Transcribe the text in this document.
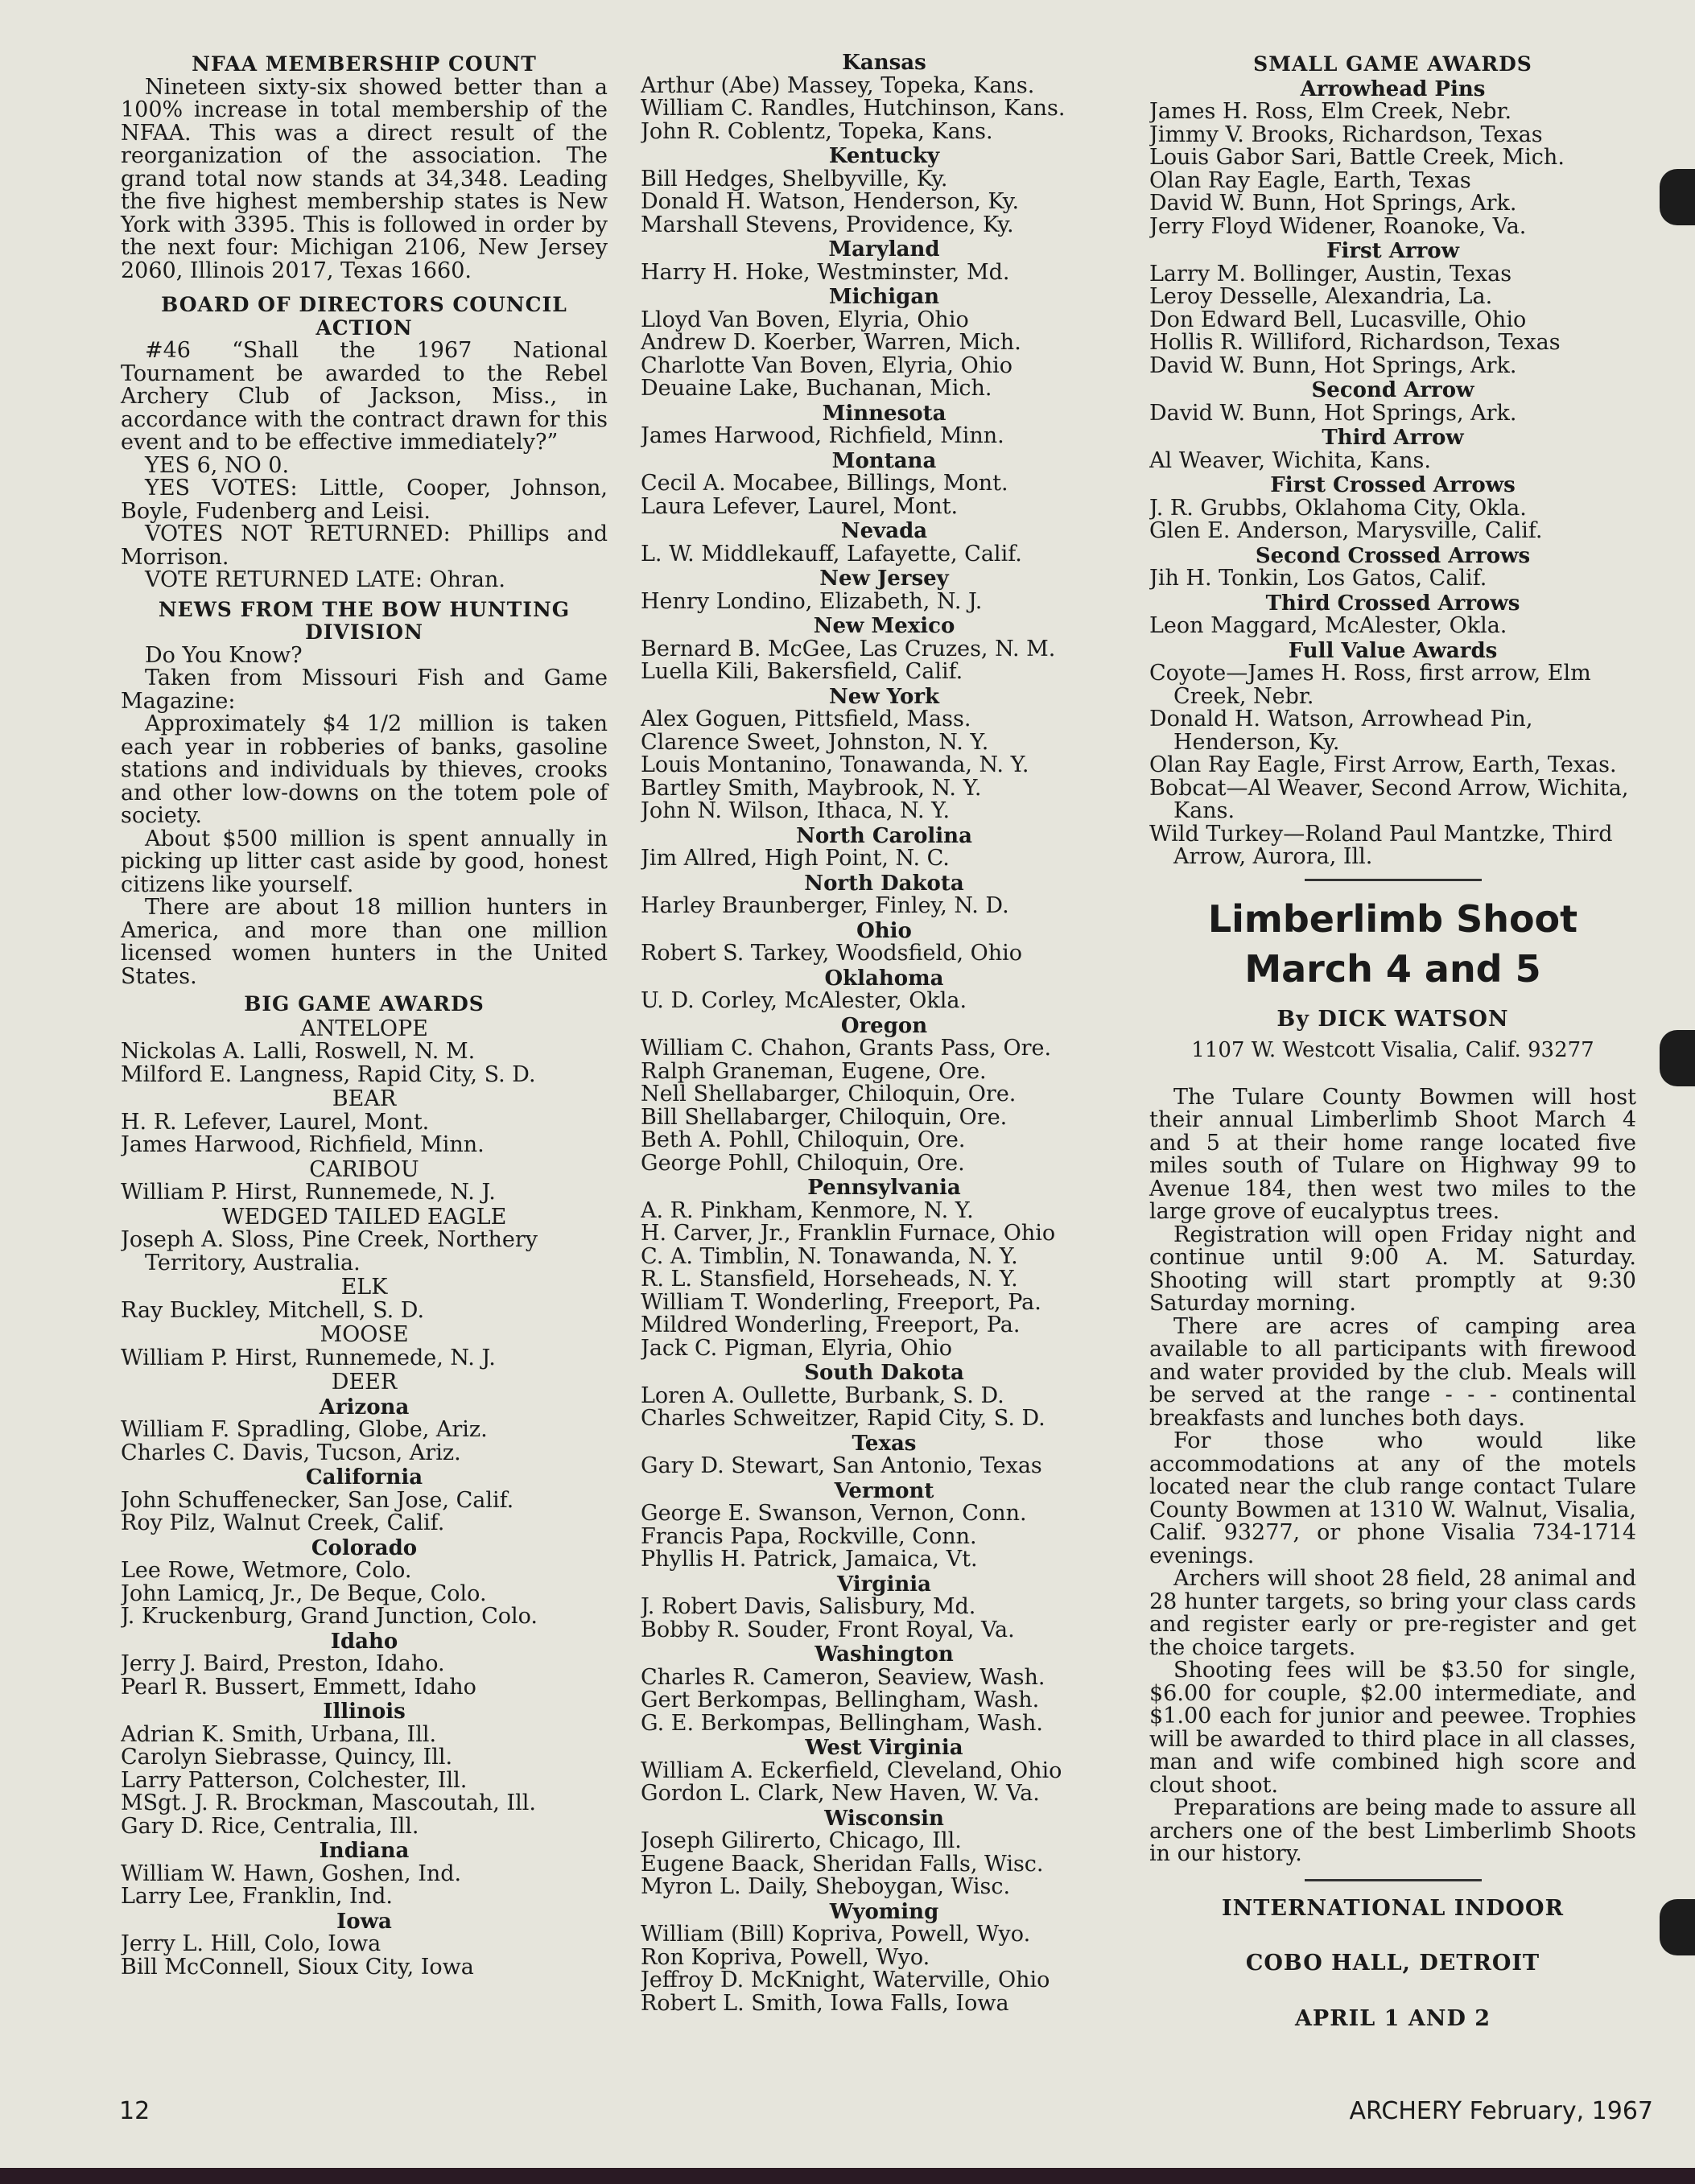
NFAA MEMBERSHIP COUNT
Nineteen sixty-six showed better than a 100% increase in total membership of the NFAA. This was a direct result of the reorganization of the association. The grand total now stands at 34,348. Leading the five highest membership states is New York with 3395. This is followed in order by the next four: Michigan 2106, New Jersey 2060, Illinois 2017, Texas 1660.
BOARD OF DIRECTORS COUNCIL ACTION
#46 “Shall the 1967 National Tournament be awarded to the Rebel Archery Club of Jackson, Miss., in accordance with the contract drawn for this event and to be effective immediately?”
YES 6, NO 0.
YES VOTES: Little, Cooper, Johnson, Boyle, Fudenberg and Leisi.
VOTES NOT RETURNED: Phillips and Morrison.
VOTE RETURNED LATE: Ohran.
NEWS FROM THE BOW HUNTING DIVISION
Do You Know?
Taken from Missouri Fish and Game Magazine:
Approximately $4 1/2 million is taken each year in robberies of banks, gasoline stations and individuals by thieves, crooks and other low-downs on the totem pole of society.
About $500 million is spent annually in picking up litter cast aside by good, honest citizens like yourself.
There are about 18 million hunters in America, and more than one million licensed women hunters in the United States.
BIG GAME AWARDS
ANTELOPE
Nickolas A. Lalli, Roswell, N. M.
Milford E. Langness, Rapid City, S. D.
BEAR
H. R. Lefever, Laurel, Mont.
James Harwood, Richfield, Minn.
CARIBOU
William P. Hirst, Runnemede, N. J.
WEDGED TAILED EAGLE
Joseph A. Sloss, Pine Creek, Northery Territory, Australia.
ELK
Ray Buckley, Mitchell, S. D.
MOOSE
William P. Hirst, Runnemede, N. J.
DEER
Arizona
William F. Spradling, Globe, Ariz.
Charles C. Davis, Tucson, Ariz.
California
John Schuffenecker, San Jose, Calif.
Roy Pilz, Walnut Creek, Calif.
Colorado
Lee Rowe, Wetmore, Colo.
John Lamicq, Jr., De Beque, Colo.
J. Kruckenburg, Grand Junction, Colo.
Idaho
Jerry J. Baird, Preston, Idaho.
Pearl R. Bussert, Emmett, Idaho
Illinois
Adrian K. Smith, Urbana, Ill.
Carolyn Siebrasse, Quincy, Ill.
Larry Patterson, Colchester, Ill.
MSgt. J. R. Brockman, Mascoutah, Ill.
Gary D. Rice, Centralia, Ill.
Indiana
William W. Hawn, Goshen, Ind.
Larry Lee, Franklin, Ind.
Iowa
Jerry L. Hill, Colo, Iowa
Bill McConnell, Sioux City, Iowa
Kansas
Arthur (Abe) Massey, Topeka, Kans.
William C. Randles, Hutchinson, Kans.
John R. Coblentz, Topeka, Kans.
Kentucky
Bill Hedges, Shelbyville, Ky.
Donald H. Watson, Henderson, Ky.
Marshall Stevens, Providence, Ky.
Maryland
Harry H. Hoke, Westminster, Md.
Michigan
Lloyd Van Boven, Elyria, Ohio
Andrew D. Koerber, Warren, Mich.
Charlotte Van Boven, Elyria, Ohio
Deuaine Lake, Buchanan, Mich.
Minnesota
James Harwood, Richfield, Minn.
Montana
Cecil A. Mocabee, Billings, Mont.
Laura Lefever, Laurel, Mont.
Nevada
L. W. Middlekauff, Lafayette, Calif.
New Jersey
Henry Londino, Elizabeth, N. J.
New Mexico
Bernard B. McGee, Las Cruzes, N. M.
Luella Kili, Bakersfield, Calif.
New York
Alex Goguen, Pittsfield, Mass.
Clarence Sweet, Johnston, N. Y.
Louis Montanino, Tonawanda, N. Y.
Bartley Smith, Maybrook, N. Y.
John N. Wilson, Ithaca, N. Y.
North Carolina
Jim Allred, High Point, N. C.
North Dakota
Harley Braunberger, Finley, N. D.
Ohio
Robert S. Tarkey, Woodsfield, Ohio
Oklahoma
U. D. Corley, McAlester, Okla.
Oregon
William C. Chahon, Grants Pass, Ore.
Ralph Graneman, Eugene, Ore.
Nell Shellabarger, Chiloquin, Ore.
Bill Shellabarger, Chiloquin, Ore.
Beth A. Pohll, Chiloquin, Ore.
George Pohll, Chiloquin, Ore.
Pennsylvania
A. R. Pinkham, Kenmore, N. Y.
H. Carver, Jr., Franklin Furnace, Ohio
C. A. Timblin, N. Tonawanda, N. Y.
R. L. Stansfield, Horseheads, N. Y.
William T. Wonderling, Freeport, Pa.
Mildred Wonderling, Freeport, Pa.
Jack C. Pigman, Elyria, Ohio
South Dakota
Loren A. Oullette, Burbank, S. D.
Charles Schweitzer, Rapid City, S. D.
Texas
Gary D. Stewart, San Antonio, Texas
Vermont
George E. Swanson, Vernon, Conn.
Francis Papa, Rockville, Conn.
Phyllis H. Patrick, Jamaica, Vt.
Virginia
J. Robert Davis, Salisbury, Md.
Bobby R. Souder, Front Royal, Va.
Washington
Charles R. Cameron, Seaview, Wash.
Gert Berkompas, Bellingham, Wash.
G. E. Berkompas, Bellingham, Wash.
West Virginia
William A. Eckerfield, Cleveland, Ohio
Gordon L. Clark, New Haven, W. Va.
Wisconsin
Joseph Gilirerto, Chicago, Ill.
Eugene Baack, Sheridan Falls, Wisc.
Myron L. Daily, Sheboygan, Wisc.
Wyoming
William (Bill) Kopriva, Powell, Wyo.
Ron Kopriva, Powell, Wyo.
Jeffroy D. McKnight, Waterville, Ohio
Robert L. Smith, Iowa Falls, Iowa
SMALL GAME AWARDS
Arrowhead Pins
James H. Ross, Elm Creek, Nebr.
Jimmy V. Brooks, Richardson, Texas
Louis Gabor Sari, Battle Creek, Mich.
Olan Ray Eagle, Earth, Texas
David W. Bunn, Hot Springs, Ark.
Jerry Floyd Widener, Roanoke, Va.
First Arrow
Larry M. Bollinger, Austin, Texas
Leroy Desselle, Alexandria, La.
Don Edward Bell, Lucasville, Ohio
Hollis R. Williford, Richardson, Texas
David W. Bunn, Hot Springs, Ark.
Second Arrow
David W. Bunn, Hot Springs, Ark.
Third Arrow
Al Weaver, Wichita, Kans.
First Crossed Arrows
J. R. Grubbs, Oklahoma City, Okla.
Glen E. Anderson, Marysville, Calif.
Second Crossed Arrows
Jih H. Tonkin, Los Gatos, Calif.
Third Crossed Arrows
Leon Maggard, McAlester, Okla.
Full Value Awards
Coyote—James H. Ross, first arrow, Elm Creek, Nebr.
Donald H. Watson, Arrowhead Pin, Henderson, Ky.
Olan Ray Eagle, First Arrow, Earth, Texas.
Bobcat—Al Weaver, Second Arrow, Wichita, Kans.
Wild Turkey—Roland Paul Mantzke, Third Arrow, Aurora, Ill.
Limberlimb Shoot
March 4 and 5
By DICK WATSON
1107 W. Westcott Visalia, Calif. 93277
The Tulare County Bowmen will host their annual Limberlimb Shoot March 4 and 5 at their home range located five miles south of Tulare on Highway 99 to Avenue 184, then west two miles to the large grove of eucalyptus trees.
Registration will open Friday night and continue until 9:00 A. M. Saturday. Shooting will start promptly at 9:30 Saturday morning.
There are acres of camping area available to all participants with firewood and water provided by the club. Meals will be served at the range - - - continental breakfasts and lunches both days.
For those who would like accommodations at any of the motels located near the club range contact Tulare County Bowmen at 1310 W. Walnut, Visalia, Calif. 93277, or phone Visalia 734-1714 evenings.
Archers will shoot 28 field, 28 animal and 28 hunter targets, so bring your class cards and register early or pre-register and get the choice targets.
Shooting fees will be $3.50 for single, $6.00 for couple, $2.00 intermediate, and $1.00 each for junior and peewee. Trophies will be awarded to third place in all classes, man and wife combined high score and clout shoot.
Preparations are being made to assure all archers one of the best Limberlimb Shoots in our history.
INTERNATIONAL INDOOR
COBO HALL, DETROIT
APRIL 1 AND 2
12	ARCHERY February, 1967
